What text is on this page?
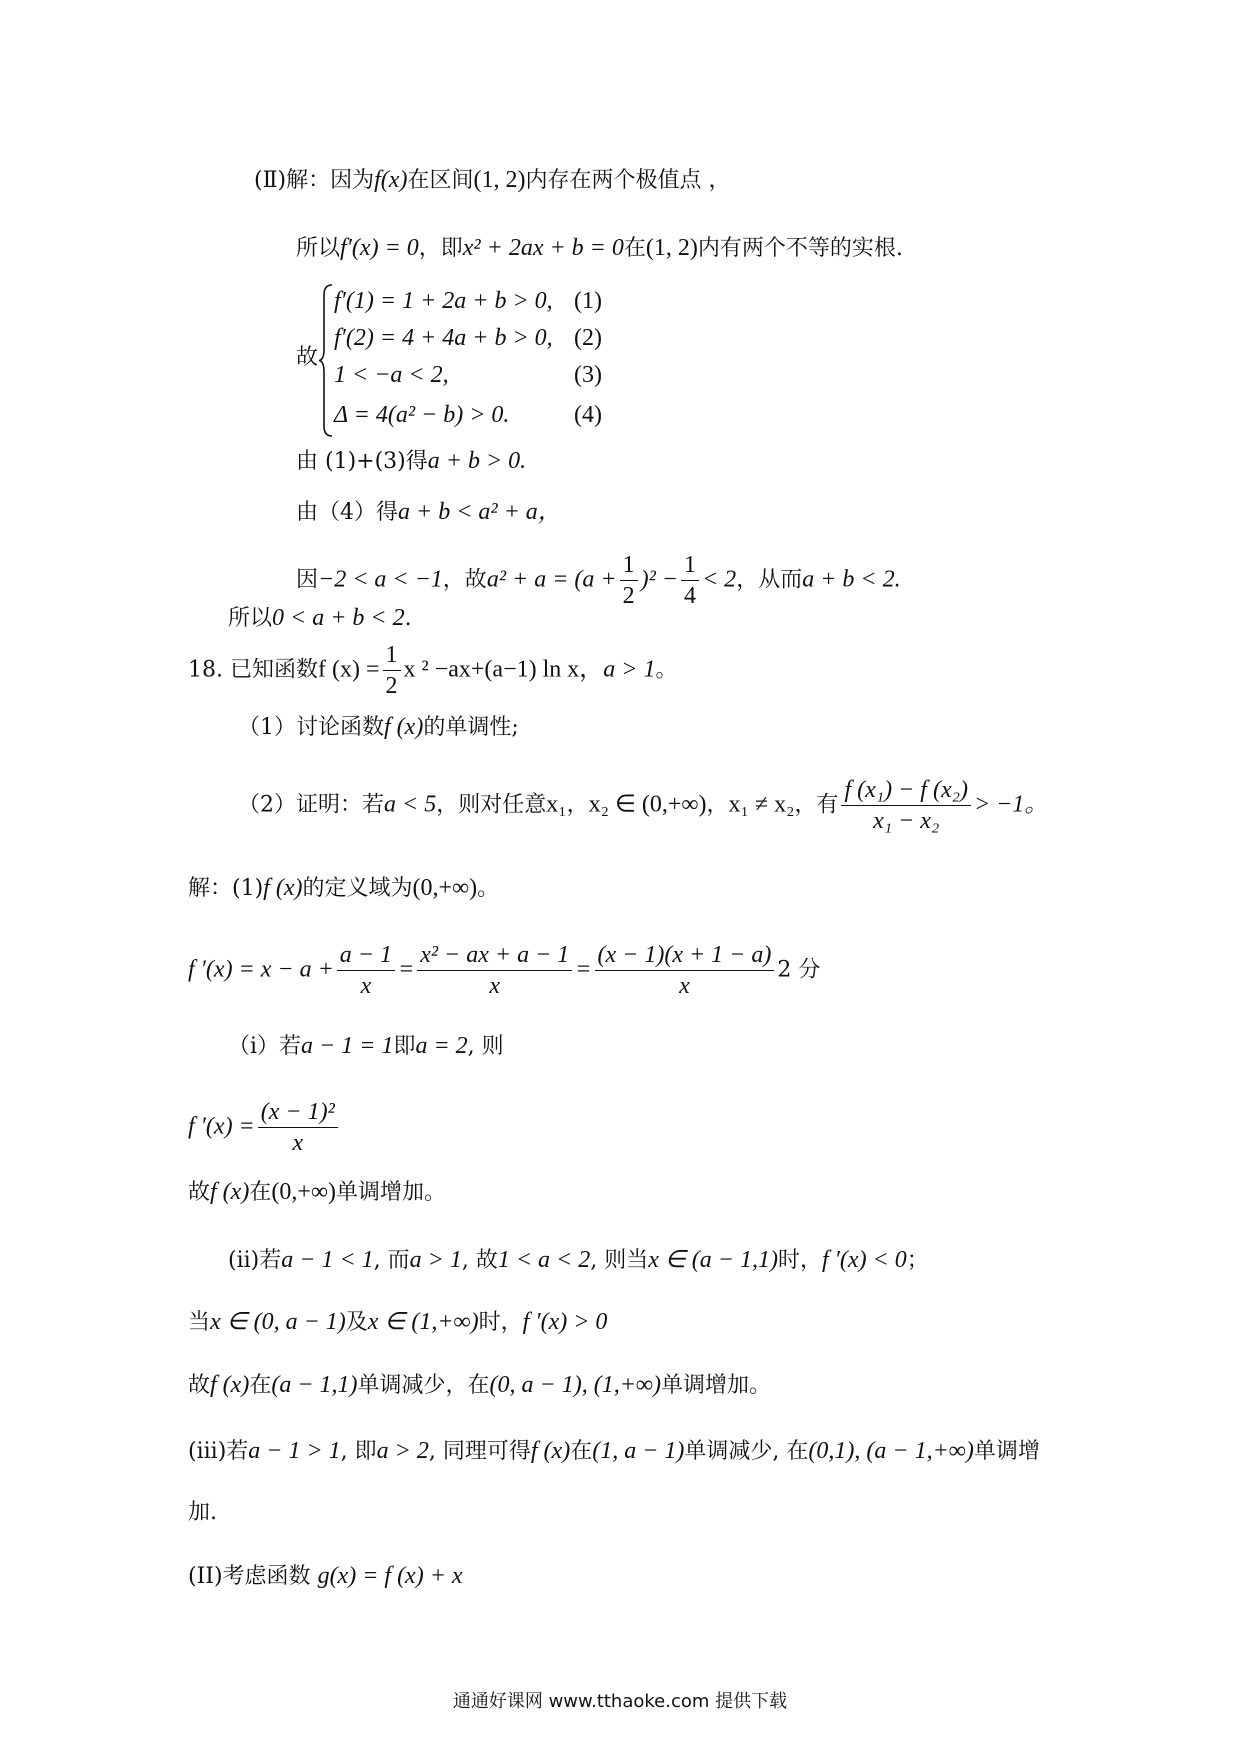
(Ⅱ)解：因为f(x)在区间(1, 2)内存在两个极值点 ，
所以f′(x) = 0，即x² + 2ax + b = 0在(1, 2)内有两个不等的实根.
故
f′(1) = 1 + 2a + b > 0, (1)
f′(2) = 4 + 4a + b > 0, (2)
1 < −a < 2,	(3)
Δ = 4(a² − b) > 0.	(4)
由 (1)+(3)得a + b > 0.
由（4）得a + b < a² + a，
因−2 < a < −1，故$a^2 + a = (a + \frac{1}{2} )^2 - \frac{1}{4} < 2$，从而a + b < 2.
所以0 < a + b < 2.
18. 已知函数f $(x) = \frac{1}{2}$ x ² −ax+(a−1) ln x，a > 1。
（1）讨论函数f (x)的单调性;
（2）证明：若a < 5，则对任意x₁，x₂ ∈ (0,+∞)，x₁ ≠ x₂，有 $\frac{\text{f (x₁) − f (x₂)}}{\text{x₁ − x₂}} > -1$。
解：(1)f (x)的定义域为(0,+∞)。
f $'(x) = x - a + \frac{a - 1}{x} = \frac{\text{x² − ax + a − 1}}{x} = \frac{(x - 1)(x + 1 - a)}{x} 2$ 分
（i）若a − 1 = 1即a = 2, 则
f $'(x) = \frac{\text{(x − 1)²}}{x}$
故f (x)在(0,+∞)单调增加。
(ii)若a − 1 < 1, 而a > 1, 故1 < a < 2, 则当x ∈ (a − 1,1)时，f ′(x) < 0；
当x ∈ (0, a − 1)及x ∈ (1,+∞)时，f ′(x) > 0
故f (x)在(a − 1,1)单调减少，在(0, a − 1), (1,+∞)单调增加。
(iii)若a − 1 > 1, 即a > 2, 同理可得f (x)在(1, a − 1)单调减少, 在(0,1), (a − 1,+∞)单调增
加.
(II)考虑函数 g(x) = f (x) + x
通通好课网 www.tthaoke.com 提供下载
